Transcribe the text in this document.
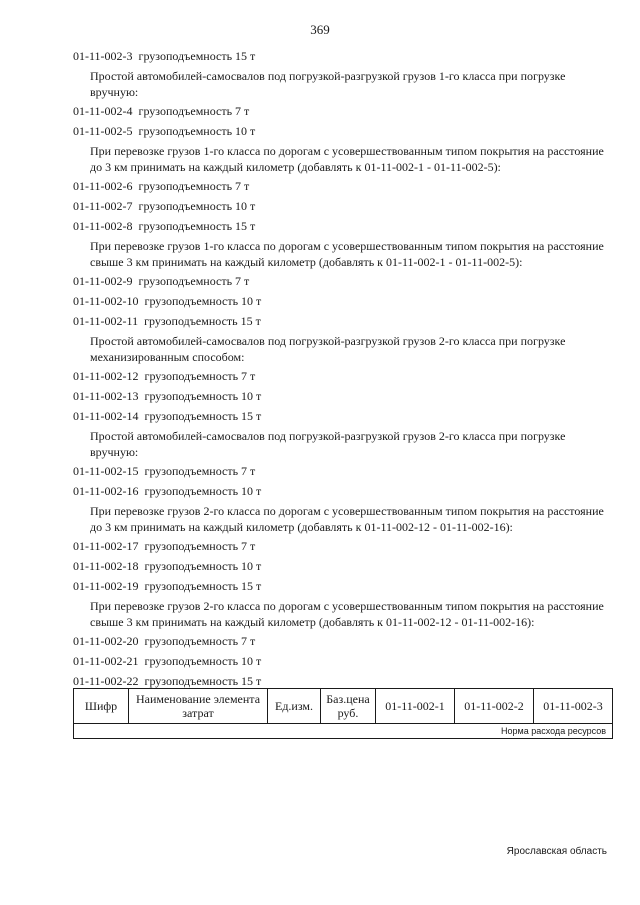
369
01-11-002-3 грузоподъемность 15 т
Простой автомобилей-самосвалов под погрузкой-разгрузкой грузов 1-го класса при погрузке вручную:
01-11-002-4 грузоподъемность 7 т
01-11-002-5 грузоподъемность 10 т
При перевозке грузов 1-го класса по дорогам с усовершествованным типом покрытия на расстояние до 3 км принимать на каждый километр (добавлять к 01-11-002-1 - 01-11-002-5):
01-11-002-6 грузоподъемность 7 т
01-11-002-7 грузоподъемность 10 т
01-11-002-8 грузоподъемность 15 т
При перевозке грузов 1-го класса по дорогам с усовершествованным типом покрытия на расстояние свыше 3 км принимать на каждый километр (добавлять к 01-11-002-1 - 01-11-002-5):
01-11-002-9 грузоподъемность 7 т
01-11-002-10 грузоподъемность 10 т
01-11-002-11 грузоподъемность 15 т
Простой автомобилей-самосвалов под погрузкой-разгрузкой грузов 2-го класса при погрузке механизированным способом:
01-11-002-12 грузоподъемность 7 т
01-11-002-13 грузоподъемность 10 т
01-11-002-14 грузоподъемность 15 т
Простой автомобилей-самосвалов под погрузкой-разгрузкой грузов 2-го класса при погрузке вручную:
01-11-002-15 грузоподъемность 7 т
01-11-002-16 грузоподъемность 10 т
При перевозке грузов 2-го класса по дорогам с усовершествованным типом покрытия на расстояние до 3 км принимать на каждый километр (добавлять к 01-11-002-12 - 01-11-002-16):
01-11-002-17 грузоподъемность 7 т
01-11-002-18 грузоподъемность 10 т
01-11-002-19 грузоподъемность 15 т
При перевозке грузов 2-го класса по дорогам с усовершествованным типом покрытия на расстояние свыше 3 км принимать на каждый километр (добавлять к 01-11-002-12 - 01-11-002-16):
01-11-002-20 грузоподъемность 7 т
01-11-002-21 грузоподъемность 10 т
01-11-002-22 грузоподъемность 15 т
Шифр	Наименование элемента затрат	Ед.изм.	Баз.цена руб.	01-11-002-1	01-11-002-2	01-11-002-3
Норма расхода ресурсов
Ярославская область
